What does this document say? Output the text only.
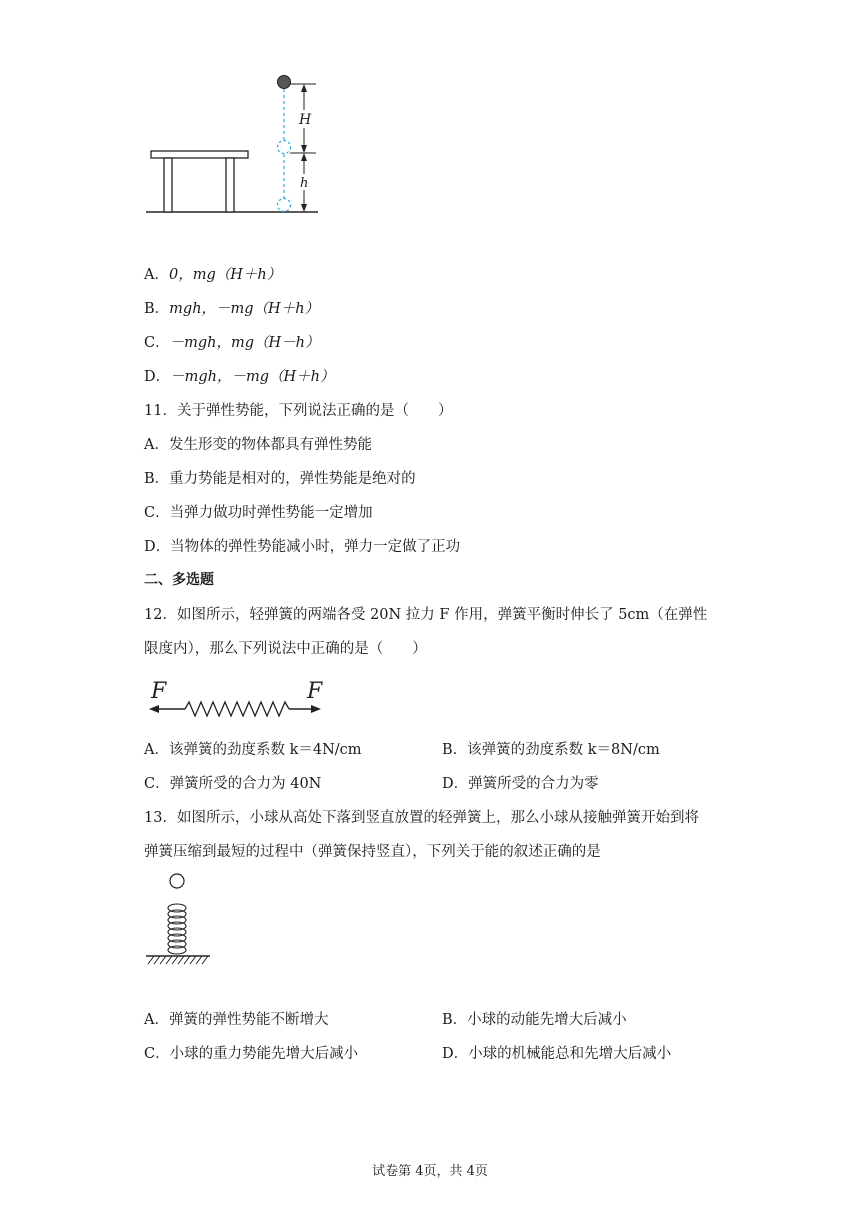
H
h
A．0，mg（H＋h）
B．mgh，－mg（H＋h）
C．－mgh，mg（H－h）
D．－mgh，－mg（H＋h）
11．关于弹性势能，下列说法正确的是（　　）
A．发生形变的物体都具有弹性势能
B．重力势能是相对的，弹性势能是绝对的
C．当弹力做功时弹性势能一定增加
D．当物体的弹性势能减小时，弹力一定做了正功
二、多选题
12．如图所示，轻弹簧的两端各受 20N 拉力 F 作用，弹簧平衡时伸长了 5cm（在弹性
限度内），那么下列说法中正确的是（　　）
F	F
A．该弹簧的劲度系数 k＝4N/cm	B．该弹簧的劲度系数 k＝8N/cm
C．弹簧所受的合力为 40N	D．弹簧所受的合力为零
13．如图所示，小球从高处下落到竖直放置的轻弹簧上，那么小球从接触弹簧开始到将
弹簧压缩到最短的过程中（弹簧保持竖直），下列关于能的叙述正确的是
A．弹簧的弹性势能不断增大	B．小球的动能先增大后减小
C．小球的重力势能先增大后减小	D．小球的机械能总和先增大后减小
试卷第 4页，共 4页
